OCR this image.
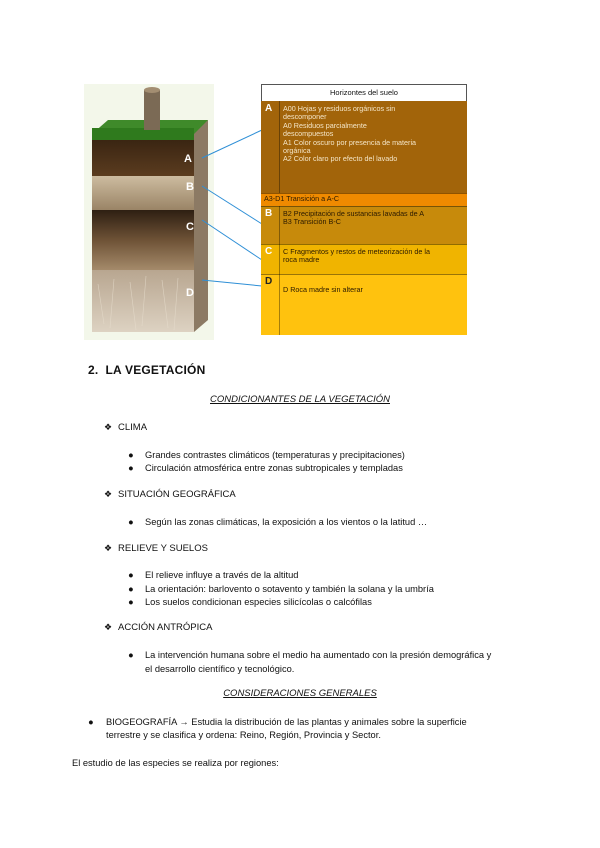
A
B
C
D
Horizontes del suelo
A A00 Hojas y residuos orgánicos sin
descomponer
A0 Residuos parcialmente
descompuestos
A1 Color oscuro por presencia de materia
orgánica
A2 Color claro por efecto del lavado
A3-D1 Transición a A-C
B B2 Precipitación de sustancias lavadas de A
B3 Transición B-C
C C Fragmentos y restos de meteorización de la
roca madre
D
D Roca madre sin alterar
2. LA VEGETACIÓN
CONDICIONANTES DE LA VEGETACIÓN
❖ CLIMA
● Grandes contrastes climáticos (temperaturas y precipitaciones)
● Circulación atmosférica entre zonas subtropicales y templadas
❖ SITUACIÓN GEOGRÁFICA
● Según las zonas climáticas, la exposición a los vientos o la latitud …
❖ RELIEVE Y SUELOS
● El relieve influye a través de la altitud
● La orientación: barlovento o sotavento y también la solana y la umbría
● Los suelos condicionan especies silicícolas o calcófilas
❖ ACCIÓN ANTRÓPICA
● La intervención humana sobre el medio ha aumentado con la presión demográfica y
el desarrollo científico y tecnológico.
CONSIDERACIONES GENERALES
● BIOGEOGRAFÍA → Estudia la distribución de las plantas y animales sobre la superficie
terrestre y se clasifica y ordena: Reino, Región, Provincia y Sector.
El estudio de las especies se realiza por regiones:
